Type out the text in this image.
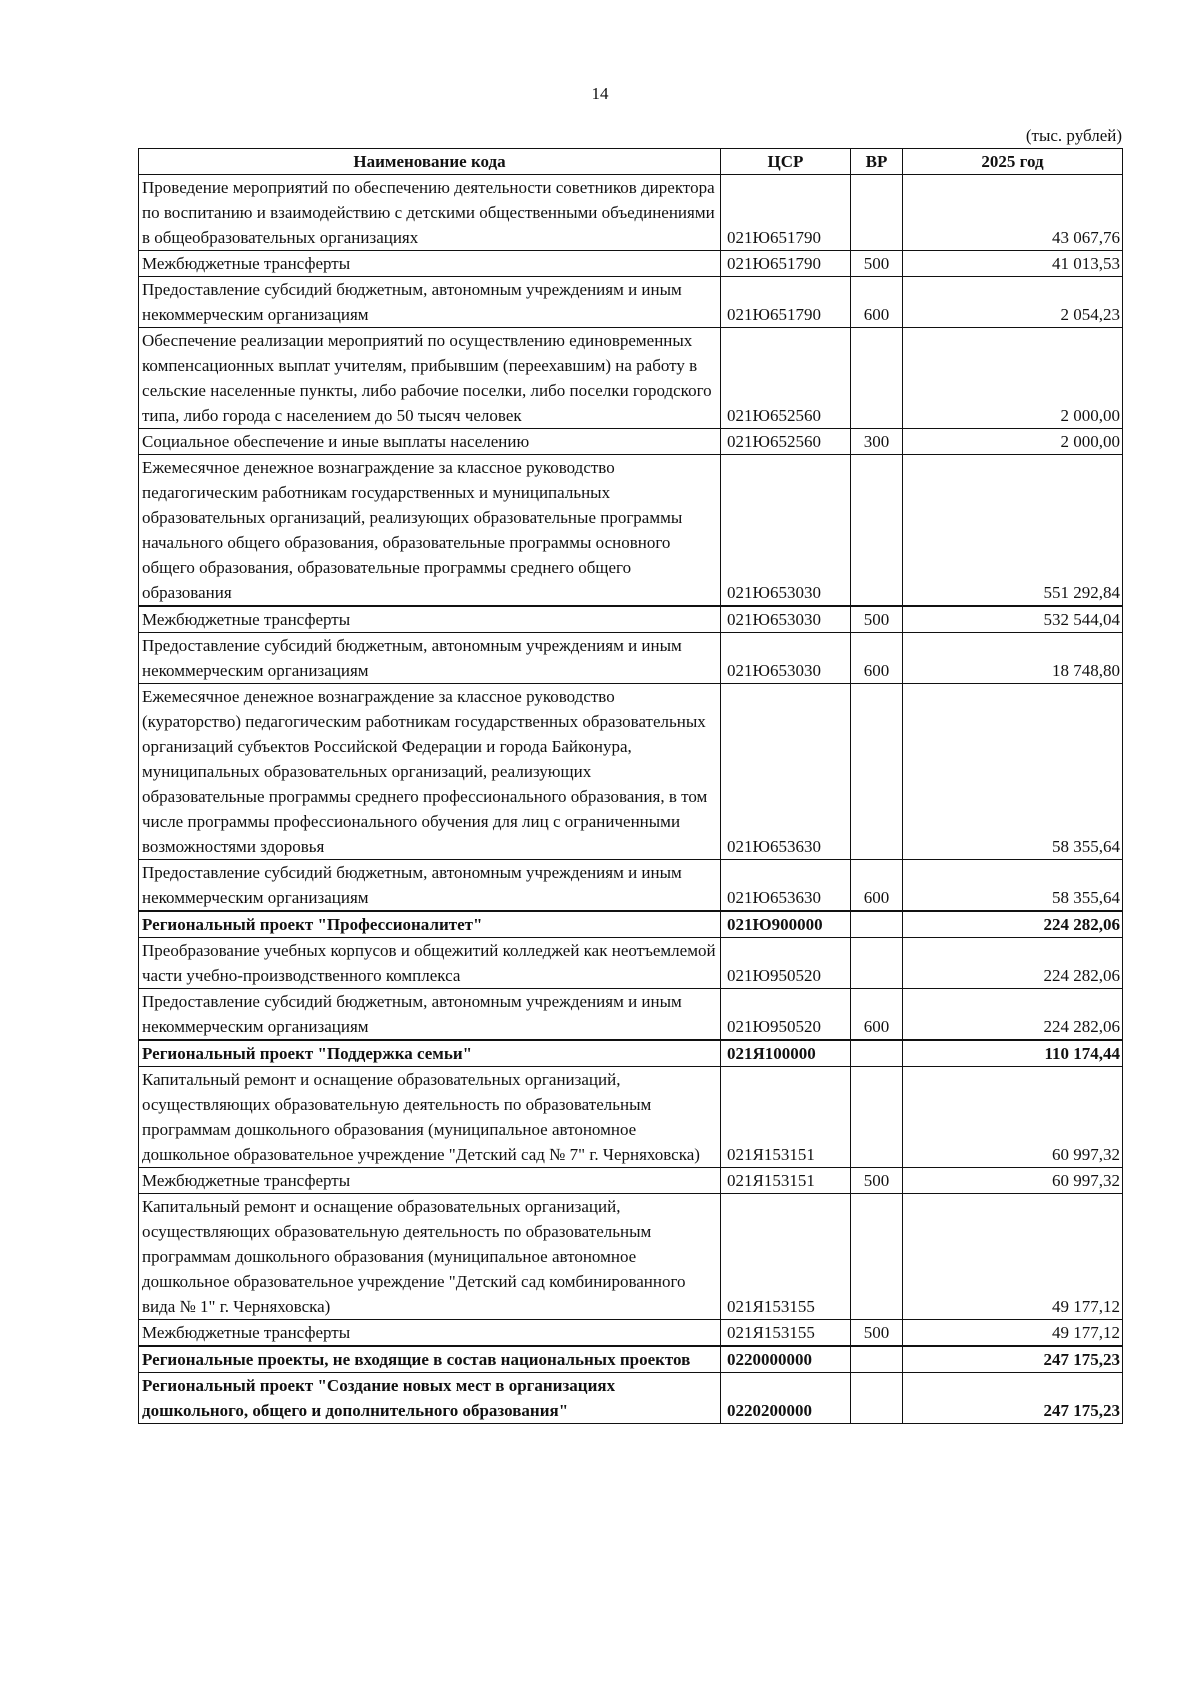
14
(тыс. рублей)
Наименование кода	ЦСР	ВР	2025 год
Проведение мероприятий по обеспечению деятельности советников директора по воспитанию и взаимодействию с детскими общественными объединениями в общеобразовательных организациях	021Ю651790		43 067,76
Межбюджетные трансферты	021Ю651790	500	41 013,53
Предоставление субсидий бюджетным, автономным учреждениям и иным некоммерческим организациям	021Ю651790	600	2 054,23
Обеспечение реализации мероприятий по осуществлению единовременных компенсационных выплат учителям, прибывшим (переехавшим) на работу в сельские населенные пункты, либо рабочие поселки, либо поселки городского типа, либо города с населением до 50 тысяч человек	021Ю652560		2 000,00
Социальное обеспечение и иные выплаты населению	021Ю652560	300	2 000,00
Ежемесячное денежное вознаграждение за классное руководство педагогическим работникам государственных и муниципальных образовательных организаций, реализующих образовательные программы начального общего образования, образовательные программы основного общего образования, образовательные программы среднего общего образования	021Ю653030		551 292,84
Межбюджетные трансферты	021Ю653030	500	532 544,04
Предоставление субсидий бюджетным, автономным учреждениям и иным некоммерческим организациям	021Ю653030	600	18 748,80
Ежемесячное денежное вознаграждение за классное руководство (кураторство) педагогическим работникам государственных образовательных организаций субъектов Российской Федерации и города Байконура, муниципальных образовательных организаций, реализующих образовательные программы среднего профессионального образования, в том числе программы профессионального обучения для лиц с ограниченными возможностями здоровья	021Ю653630		58 355,64
Предоставление субсидий бюджетным, автономным учреждениям и иным некоммерческим организациям	021Ю653630	600	58 355,64
Региональный проект "Профессионалитет"	021Ю900000		224 282,06
Преобразование учебных корпусов и общежитий колледжей как неотъемлемой части учебно-производственного комплекса	021Ю950520		224 282,06
Предоставление субсидий бюджетным, автономным учреждениям и иным некоммерческим организациям	021Ю950520	600	224 282,06
Региональный проект "Поддержка семьи"	021Я100000		110 174,44
Капитальный ремонт и оснащение образовательных организаций, осуществляющих образовательную деятельность по образовательным программам дошкольного образования (муниципальное автономное дошкольное образовательное учреждение "Детский сад № 7" г. Черняховска)	021Я153151		60 997,32
Межбюджетные трансферты	021Я153151	500	60 997,32
Капитальный ремонт и оснащение образовательных организаций, осуществляющих образовательную деятельность по образовательным программам дошкольного образования (муниципальное автономное дошкольное образовательное учреждение "Детский сад комбинированного вида № 1" г. Черняховска)	021Я153155		49 177,12
Межбюджетные трансферты	021Я153155	500	49 177,12
Региональные проекты, не входящие в состав национальных проектов	0220000000		247 175,23
Региональный проект "Создание новых мест в организациях дошкольного, общего и дополнительного образования"	0220200000		247 175,23
